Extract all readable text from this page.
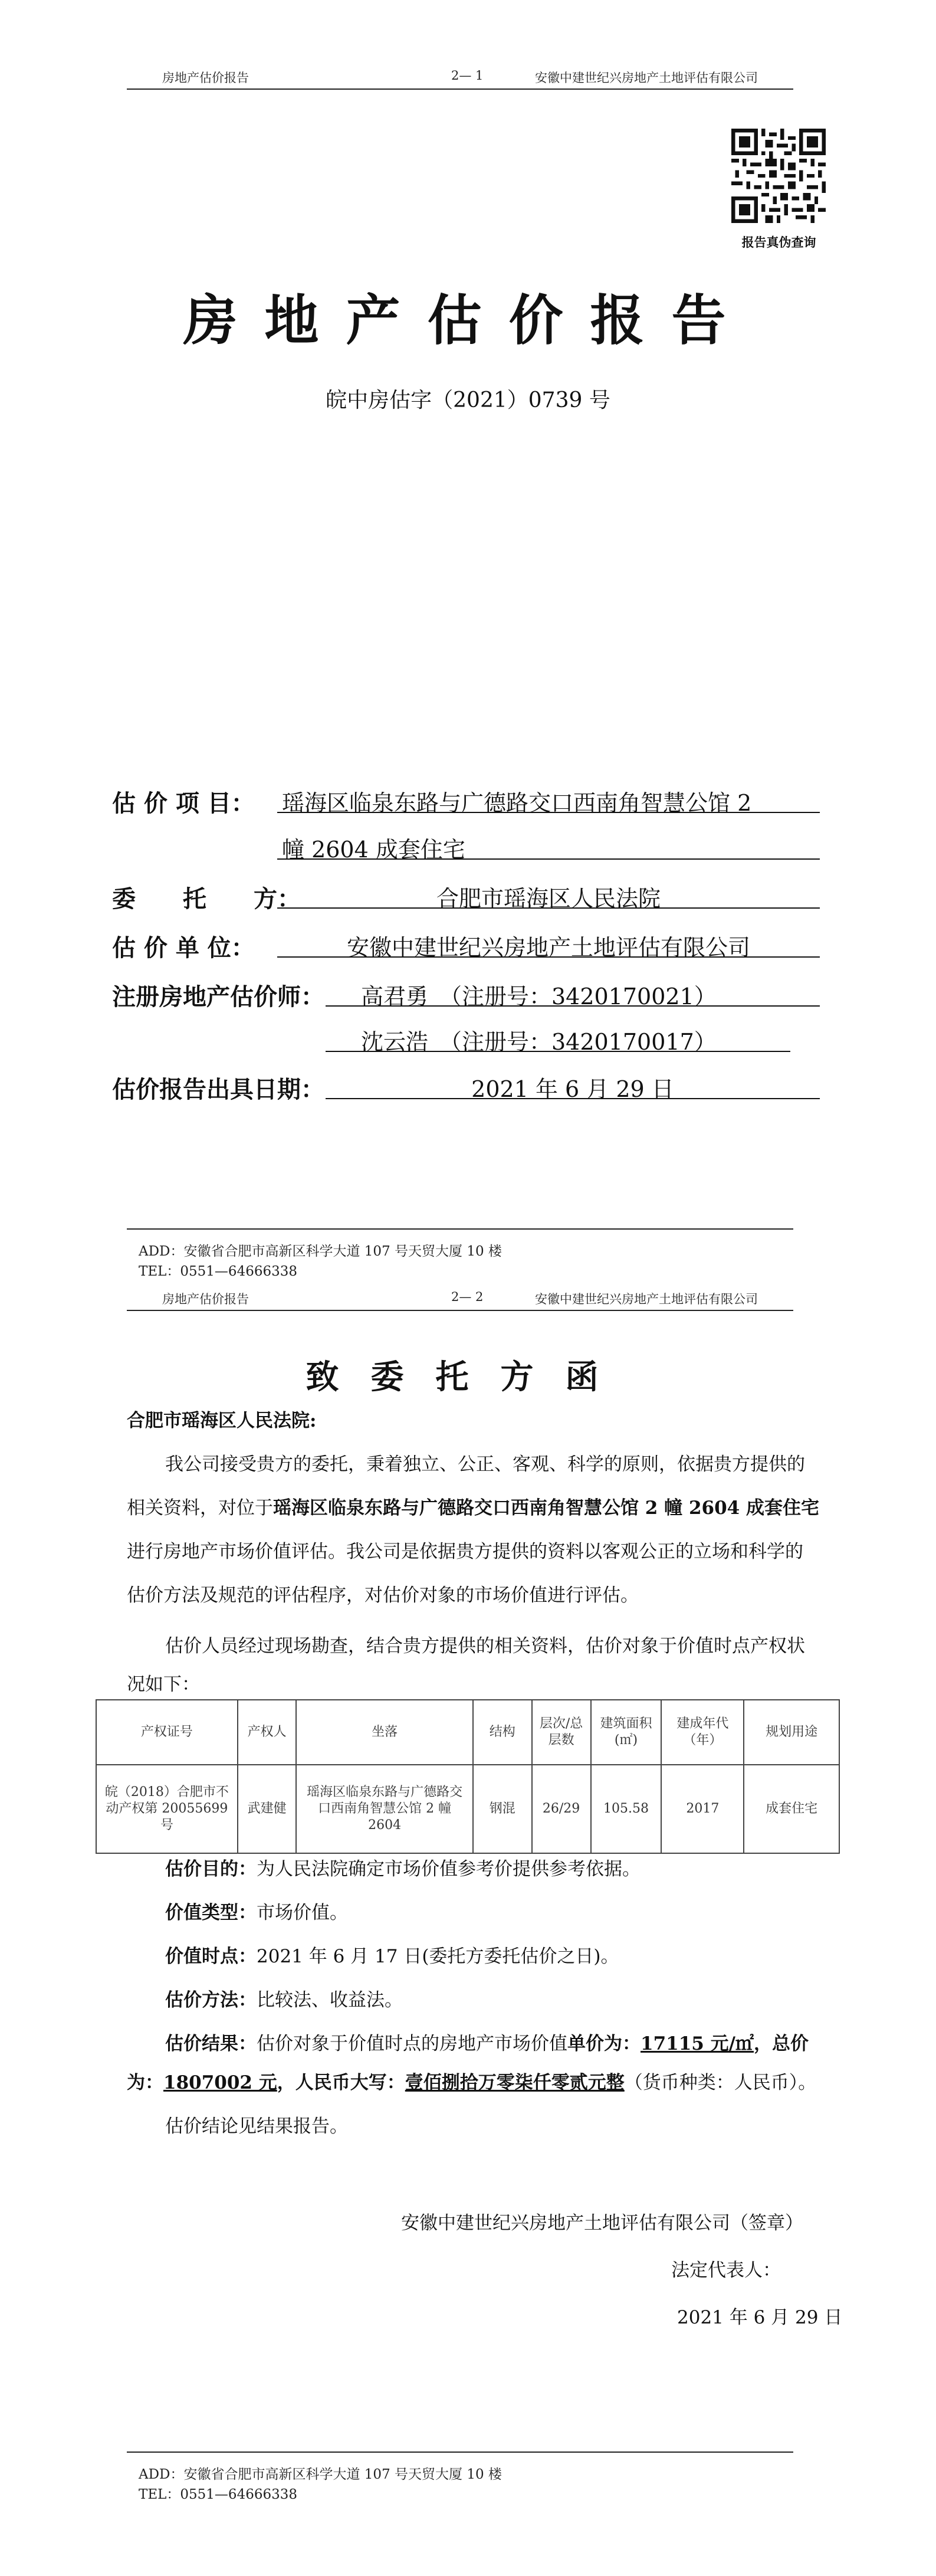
房地产估价报告	2— 1	安徽中建世纪兴房地产土地评估有限公司
报告真伪查询
房地产估价报告
皖中房估字（2021）0739 号
估 价 项 目： 瑶海区临泉东路与广德路交口西南角智慧公馆 2
幢 2604 成套住宅
委　　托　　方：	合肥市瑶海区人民法院
估 价 单 位：	安徽中建世纪兴房地产土地评估有限公司
注册房地产估价师： 高君勇　（注册号：3420170021）
沈云浩　（注册号：3420170017）
估价报告出具日期：	2021 年 6 月 29 日
ADD：安徽省合肥市高新区科学大道 107 号天贸大厦 10 楼
TEL：0551—64666338
房地产估价报告	2— 2	安徽中建世纪兴房地产土地评估有限公司
致委托方函
合肥市瑶海区人民法院:
我公司接受贵方的委托，秉着独立、公正、客观、科学的原则，依据贵方提供的
相关资料，对位于瑶海区临泉东路与广德路交口西南角智慧公馆 2 幢 2604 成套住宅
进行房地产市场价值评估。我公司是依据贵方提供的资料以客观公正的立场和科学的
估价方法及规范的评估程序，对估价对象的市场价值进行评估。
估价人员经过现场勘查，结合贵方提供的相关资料，估价对象于价值时点产权状
况如下：
产权证号	产权人	坐落	结构	层次/总层数	建筑面积(㎡)	建成年代（年）	规划用途
皖（2018）合肥市不动产权第 20055699 号	武建健	瑶海区临泉东路与广德路交口西南角智慧公馆 2 幢 2604	钢混	26/29	105.58	2017	成套住宅
估价目的：为人民法院确定市场价值参考价提供参考依据。
价值类型：市场价值。
价值时点：2021 年 6 月 17 日(委托方委托估价之日)。
估价方法：比较法、收益法。
估价结果：估价对象于价值时点的房地产市场价值单价为：17115 元/㎡，总价
为：1807002 元，人民币大写：壹佰捌拾万零柒仟零贰元整（货币种类：人民币）。
估价结论见结果报告。
安徽中建世纪兴房地产土地评估有限公司（签章）
法定代表人：
2021 年 6 月 29 日
ADD：安徽省合肥市高新区科学大道 107 号天贸大厦 10 楼
TEL：0551—64666338
